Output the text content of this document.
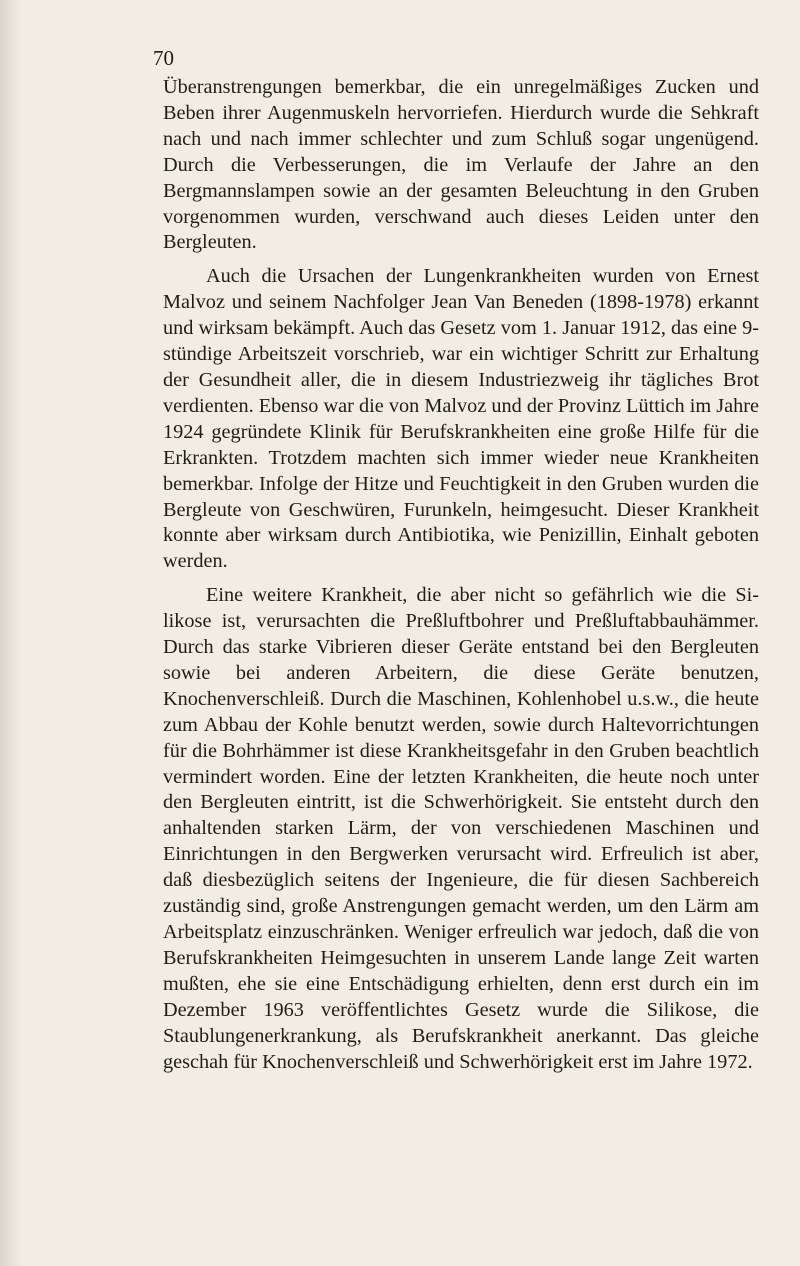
70

Überanstrengungen bemerkbar, die ein unregelmäßiges Zucken und Beben ihrer Augenmuskeln hervorriefen. Hierdurch wurde die Sehkraft nach und nach immer schlechter und zum Schluß sogar ungenügend. Durch die Verbesserungen, die im Verlaufe der Jahre an den Bergmannslampen sowie an der gesamten Beleuchtung in den Gruben vorgenommen wurden, verschwand auch dieses Leiden unter den Bergleuten.

Auch die Ursachen der Lungenkrankheiten wurden von Ernest Malvoz und seinem Nachfolger Jean Van Beneden (1898-1978) erkannt und wirksam bekämpft. Auch das Gesetz vom 1. Januar 1912, das eine 9-stündige Arbeitszeit vorschrieb, war ein wichtiger Schritt zur Erhaltung der Gesundheit aller, die in diesem Industriezweig ihr tägliches Brot verdienten. Ebenso war die von Malvoz und der Provinz Lüttich im Jahre 1924 gegründete Klinik für Berufskrankheiten eine große Hilfe für die Erkrankten. Trotzdem machten sich immer wieder neue Krankheiten bemerkbar. Infolge der Hitze und Feuchtigkeit in den Gruben wurden die Bergleute von Geschwüren, Furunkeln, heimgesucht. Dieser Krankheit konnte aber wirksam durch Antibiotika, wie Penizillin, Einhalt geboten werden.

Eine weitere Krankheit, die aber nicht so gefährlich wie die Silikose ist, verursachten die Preßluftbohrer und Preßluftabbauhämmer. Durch das starke Vibrieren dieser Geräte entstand bei den Bergleuten sowie bei anderen Arbeitern, die diese Geräte benutzen, Knochenverschleiß. Durch die Maschinen, Kohlenhobel u.s.w., die heute zum Abbau der Kohle benutzt werden, sowie durch Haltevorrichtungen für die Bohrhämmer ist diese Krankheitsgefahr in den Gruben beachtlich vermindert worden. Eine der letzten Krankheiten, die heute noch unter den Bergleuten eintritt, ist die Schwerhörigkeit. Sie entsteht durch den anhaltenden starken Lärm, der von verschiedenen Maschinen und Einrichtungen in den Bergwerken verursacht wird. Erfreulich ist aber, daß diesbezüglich seitens der Ingenieure, die für diesen Sachbereich zuständig sind, große Anstrengungen gemacht werden, um den Lärm am Arbeitsplatz einzuschränken. Weniger erfreulich war jedoch, daß die von Berufskrankheiten Heimgesuchten in unserem Lande lange Zeit warten mußten, ehe sie eine Entschädigung erhielten, denn erst durch ein im Dezember 1963 veröffentlichtes Gesetz wurde die Silikose, die Staublungenerkrankung, als Berufskrankheit anerkannt. Das gleiche geschah für Knochenverschleiß und Schwerhörigkeit erst im Jahre 1972.
